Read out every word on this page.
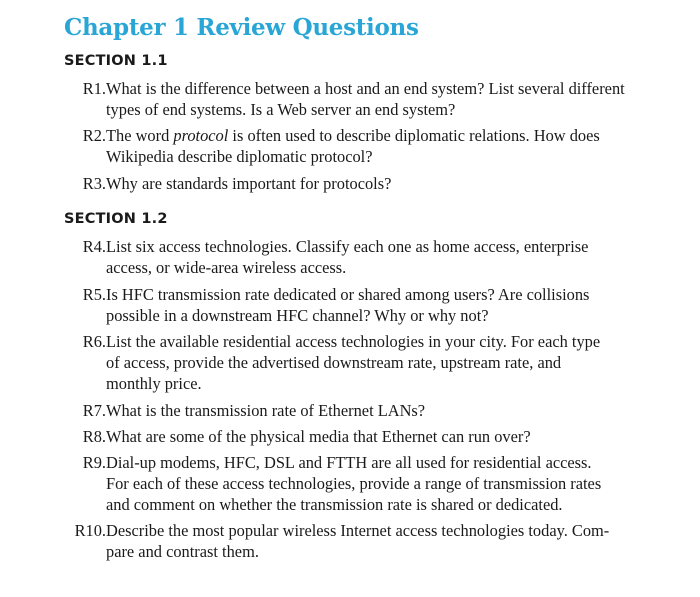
Chapter 1 Review Questions
SECTION 1.1
R1. What is the difference between a host and an end system? List several different
types of end systems. Is a Web server an end system?

R2. The word protocol is often used to describe diplomatic relations. How does
Wikipedia describe diplomatic protocol?

R3. Why are standards important for protocols?

SECTION 1.2
R4. List six access technologies. Classify each one as home access, enterprise
access, or wide-area wireless access.

R5. Is HFC transmission rate dedicated or shared among users? Are collisions
possible in a downstream HFC channel? Why or why not?

R6. List the available residential access technologies in your city. For each type
of access, provide the advertised downstream rate, upstream rate, and
monthly price.

R7. What is the transmission rate of Ethernet LANs?

R8. What are some of the physical media that Ethernet can run over?

R9. Dial-up modems, HFC, DSL and FTTH are all used for residential access.
For each of these access technologies, provide a range of transmission rates
and comment on whether the transmission rate is shared or dedicated.

R10. Describe the most popular wireless Internet access technologies today. Com-
pare and contrast them.
